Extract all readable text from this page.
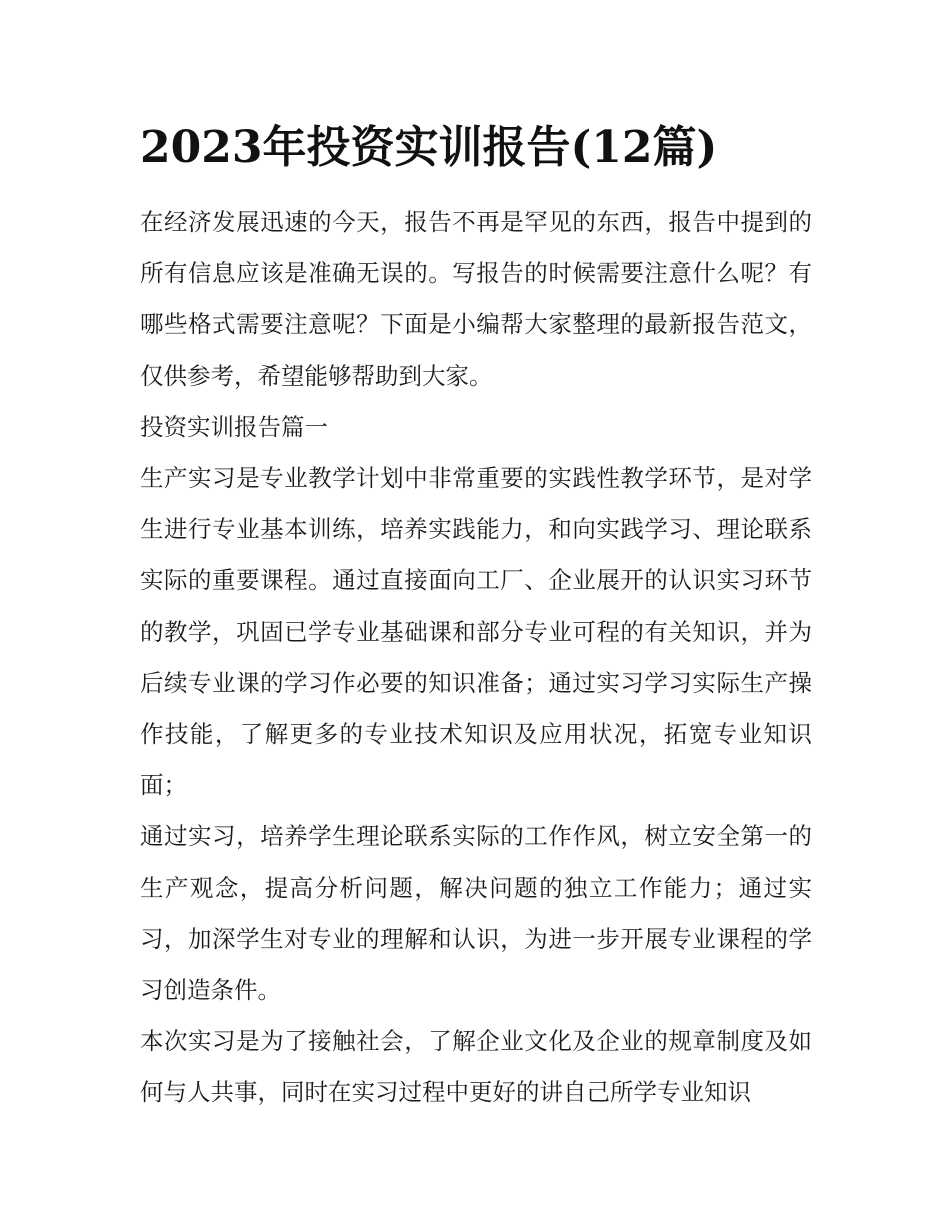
2023年投资实训报告(12篇)

在经济发展迅速的今天，报告不再是罕见的东西，报告中提到的所有信息应该是准确无误的。写报告的时候需要注意什么呢？有哪些格式需要注意呢？下面是小编帮大家整理的最新报告范文，仅供参考，希望能够帮助到大家。

投资实训报告篇一

生产实习是专业教学计划中非常重要的实践性教学环节，是对学生进行专业基本训练，培养实践能力，和向实践学习、理论联系实际的重要课程。通过直接面向工厂、企业展开的认识实习环节的教学，巩固已学专业基础课和部分专业可程的有关知识，并为后续专业课的学习作必要的知识准备；通过实习学习实际生产操作技能，了解更多的专业技术知识及应用状况，拓宽专业知识面；

通过实习，培养学生理论联系实际的工作作风，树立安全第一的生产观念，提高分析问题，解决问题的独立工作能力；通过实习，加深学生对专业的理解和认识，为进一步开展专业课程的学习创造条件。

本次实习是为了接触社会，了解企业文化及企业的规章制度及如何与人共事，同时在实习过程中更好的讲自己所学专业知识
